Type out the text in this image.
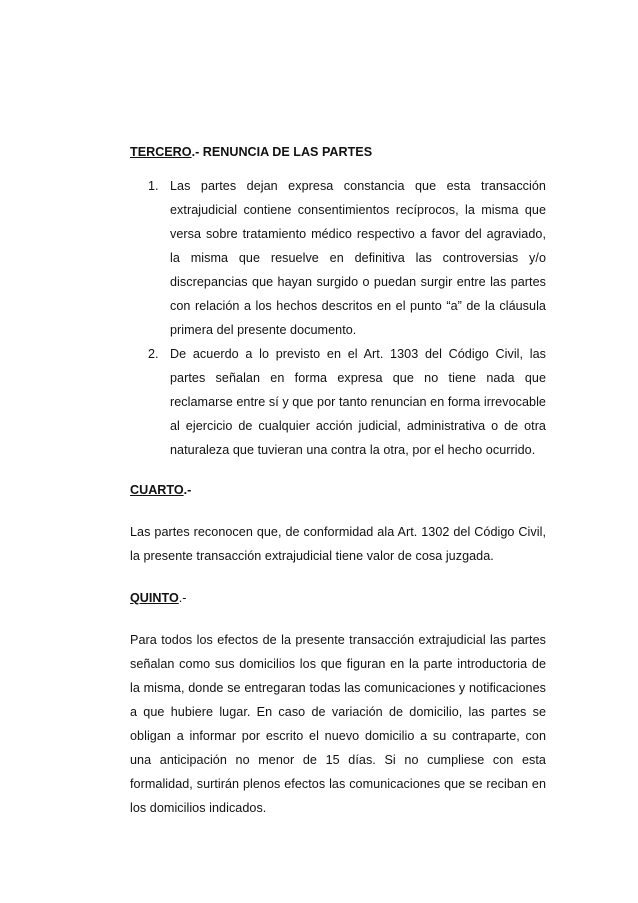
TERCERO.- RENUNCIA DE LAS PARTES
1. Las partes dejan expresa constancia que esta transacción extrajudicial contiene consentimientos recíprocos, la misma que versa sobre tratamiento médico respectivo a favor del agraviado, la misma que resuelve en definitiva las controversias y/o discrepancias que hayan surgido o puedan surgir entre las partes con relación a los hechos descritos en el punto “a” de la cláusula primera del presente documento.

2. De acuerdo a lo previsto en el Art. 1303 del Código Civil, las partes señalan en forma expresa que no tiene nada que reclamarse entre sí y que por tanto renuncian en forma irrevocable al ejercicio de cualquier acción judicial, administrativa o de otra naturaleza que tuvieran una contra la otra, por el hecho ocurrido.

CUARTO.-

Las partes reconocen que, de conformidad ala Art. 1302 del Código Civil, la presente transacción extrajudicial tiene valor de cosa juzgada.

QUINTO.-

Para todos los efectos de la presente transacción extrajudicial las partes señalan como sus domicilios los que figuran en la parte introductoria de la misma, donde se entregaran todas las comunicaciones y notificaciones a que hubiere lugar. En caso de variación de domicilio, las partes se obligan a informar por escrito el nuevo domicilio a su contraparte, con una anticipación no menor de 15 días. Si no cumpliese con esta formalidad, surtirán plenos efectos las comunicaciones que se reciban en los domicilios indicados.
